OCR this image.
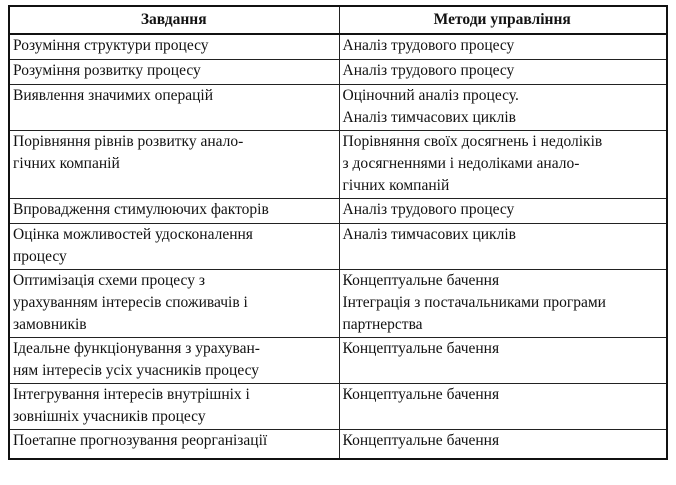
Завдання	Методи управління

Розуміння структури процесу	Аналіз трудового процесу

Розуміння розвитку процесу	Аналіз трудового процесу

Виявлення значимих операцій	Оціночний аналіз процесу.
Аналіз тимчасових циклів

Порівняння рівнів розвитку анало-
гічних компаній	Порівняння своїх досягнень і недоліків
з досягненнями і недоліками анало-
гічних компаній

Впровадження стимулюючих факторів	Аналіз трудового процесу

Оцінка можливостей удосконалення
процесу	Аналіз тимчасових циклів

Оптимізація схеми процесу з
урахуванням інтересів споживачів і
замовників	Концептуальне бачення
Інтеграція з постачальниками програми
партнерства

Ідеальне функціонування з урахуван-
ням інтересів усіх учасників процесу	Концептуальне бачення

Інтегрування інтересів внутрішніх і
зовнішніх учасників процесу	Концептуальне бачення

Поетапне прогнозування реорганізації	Концептуальне бачення
